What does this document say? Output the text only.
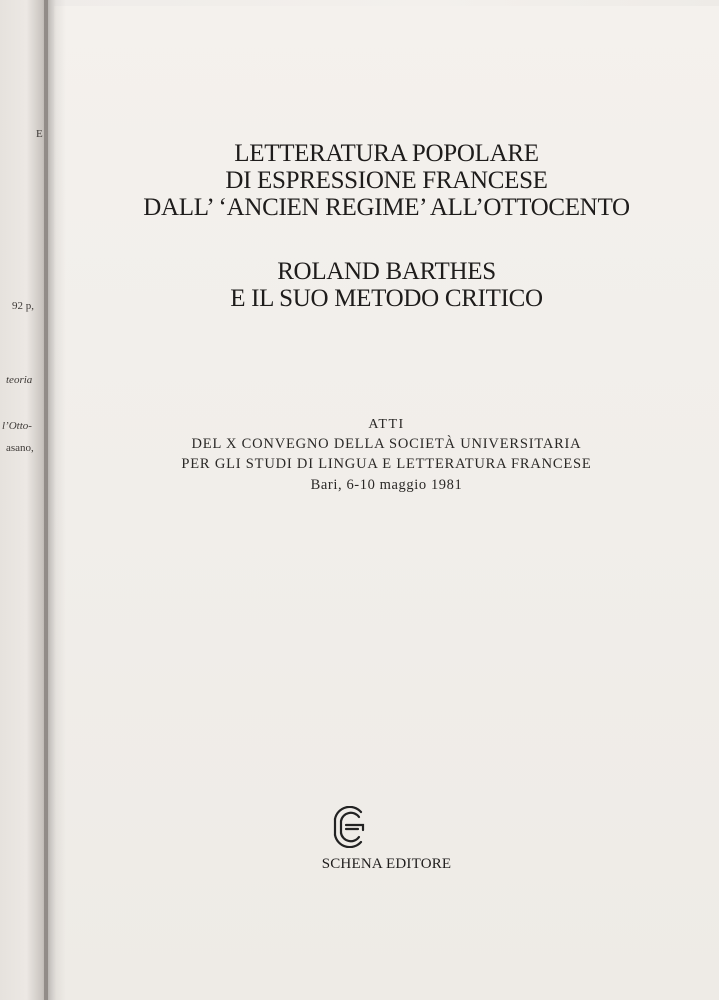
E
92 p,
teoria
l’Otto-
asano,
LETTERATURA POPOLARE
DI ESPRESSIONE FRANCESE
DALL’ ‘ANCIEN REGIME’ ALL’OTTOCENTO
ROLAND BARTHES
E IL SUO METODO CRITICO
ATTI
DEL X CONVEGNO DELLA SOCIETÀ UNIVERSITARIA
PER GLI STUDI DI LINGUA E LETTERATURA FRANCESE
Bari, 6-10 maggio 1981
SCHENA EDITORE
